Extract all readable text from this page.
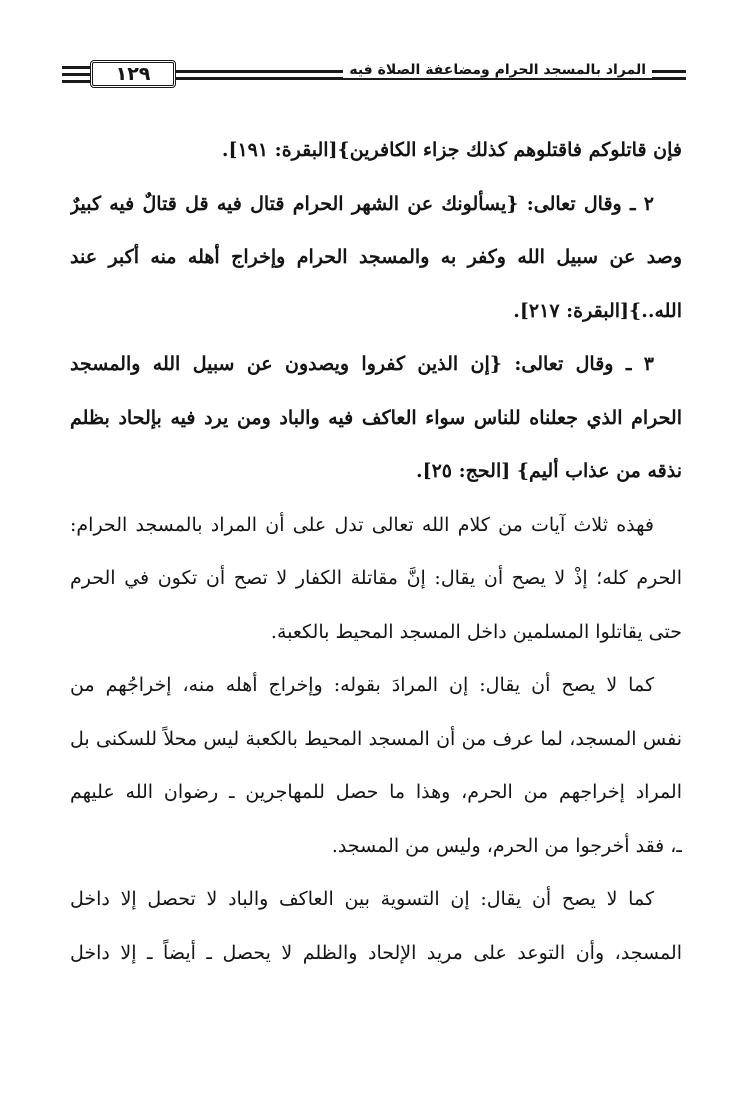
١٢٩	المراد بالمسجد الحرام ومضاعفة الصلاة فيه
فإن قاتلوكم فاقتلوهم كذلك جزاء الكافرين}[البقرة: ١٩١].
٢ ـ وقال تعالى: {يسألونك عن الشهر الحرام قتال فيه قل قتالٌ فيه كبيرٌ
وصد عن سبيل الله وكفر به والمسجد الحرام وإخراج أهله منه أكبر عند
الله..}[البقرة: ٢١٧].
٣ ـ وقال تعالى: {إن الذين كفروا ويصدون عن سبيل الله والمسجد
الحرام الذي جعلناه للناس سواء العاكف فيه والباد ومن يرد فيه بإلحاد بظلم
نذقه من عذاب أليم} [الحج: ٢٥].
فهذه ثلاث آيات من كلام الله تعالى تدل على أن المراد بالمسجد الحرام:
الحرم كله؛ إذْ لا يصح أن يقال: إنَّ مقاتلة الكفار لا تصح أن تكون في الحرم
حتى يقاتلوا المسلمين داخل المسجد المحيط بالكعبة.
كما لا يصح أن يقال: إن المرادَ بقوله: وإخراج أهله منه، إخراجُهم من
نفس المسجد، لما عرف من أن المسجد المحيط بالكعبة ليس محلاً للسكنى بل
المراد إخراجهم من الحرم، وهذا ما حصل للمهاجرين ـ رضوان الله عليهم
ـ، فقد أخرجوا من الحرم، وليس من المسجد.
كما لا يصح أن يقال: إن التسوية بين العاكف والباد لا تحصل إلا داخل
المسجد، وأن التوعد على مريد الإلحاد والظلم لا يحصل ـ أيضاً ـ إلا داخل
